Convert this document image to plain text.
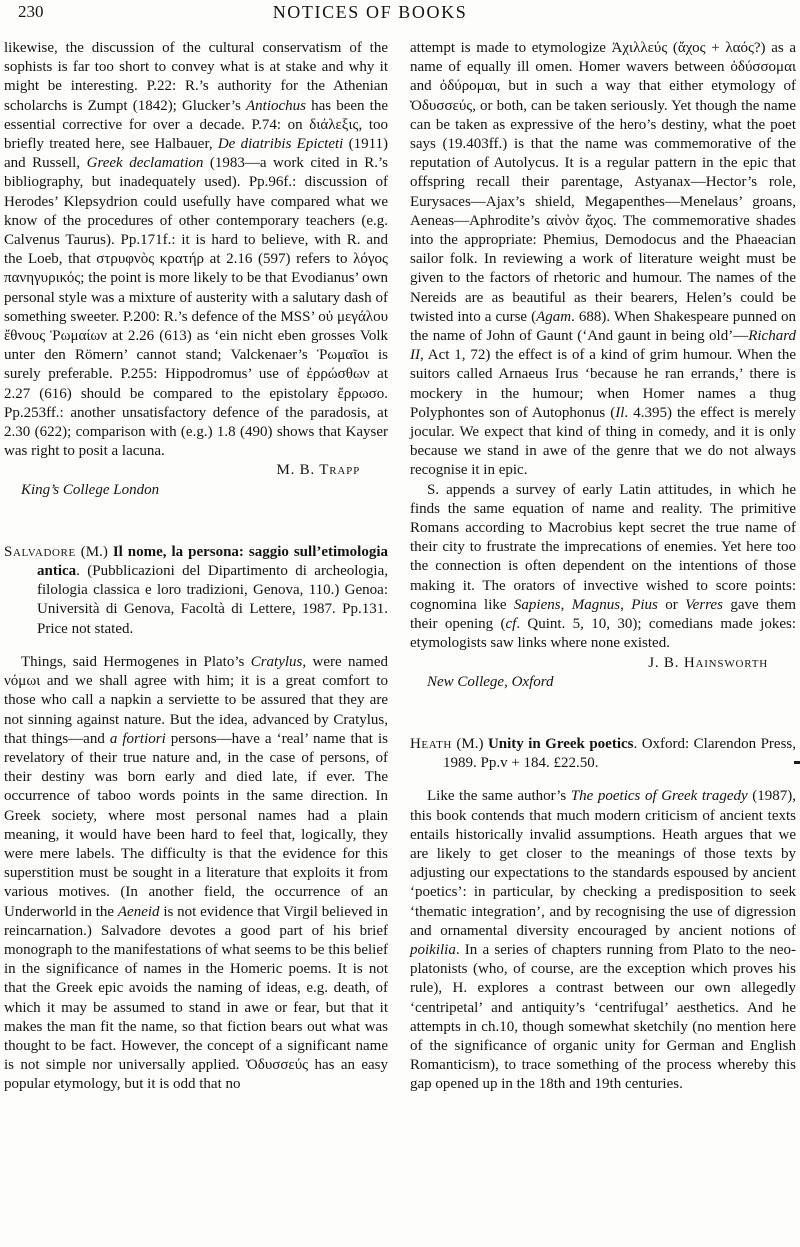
230	NOTICES OF BOOKS
likewise, the discussion of the cultural conservatism of the sophists is far too short to convey what is at stake and why it might be interesting. P.22: R.’s authority for the Athenian scholarchs is Zumpt (1842); Glucker’s Antiochus has been the essential corrective for over a decade. P.74: on διάλεξις, too briefly treated here, see Halbauer, De diatribis Epicteti (1911) and Russell, Greek declamation (1983—a work cited in R.’s bibliography, but inadequately used). Pp.96f.: discussion of Herodes’ Klepsydrion could usefully have compared what we know of the procedures of other contemporary teachers (e.g. Calvenus Taurus). Pp.171f.: it is hard to believe, with R. and the Loeb, that στρυφνὸς κρατήρ at 2.16 (597) refers to λόγος πανηγυρικός; the point is more likely to be that Evodianus’ own personal style was a mixture of austerity with a salutary dash of something sweeter. P.200: R.’s defence of the MSS’ οὐ μεγάλου ἔθνους Ῥωμαίων at 2.26 (613) as ‘ein nicht eben grosses Volk unter den Römern’ cannot stand; Valckenaer’s Ῥωμαῖοι is surely preferable. P.255: Hippodromus’ use of ἐρρώσθων at 2.27 (616) should be compared to the epistolary ἔρρωσο. Pp.253ff.: another unsatisfactory defence of the paradosis, at 2.30 (622); comparison with (e.g.) 1.8 (490) shows that Kayser was right to posit a lacuna.
M. B. Trapp
King’s College London
Salvadore (M.) Il nome, la persona: saggio sull’etimologia antica. (Pubblicazioni del Dipartimento di archeologia, filologia classica e loro tradizioni, Genova, 110.) Genoa: Università di Genova, Facoltà di Lettere, 1987. Pp.131. Price not stated.
Things, said Hermogenes in Plato’s Cratylus, were named νόμωι and we shall agree with him; it is a great comfort to those who call a napkin a serviette to be assured that they are not sinning against nature. But the idea, advanced by Cratylus, that things—and a fortiori persons—have a ‘real’ name that is revelatory of their true nature and, in the case of persons, of their destiny was born early and died late, if ever. The occurrence of taboo words points in the same direction. In Greek society, where most personal names had a plain meaning, it would have been hard to feel that, logically, they were mere labels. The difficulty is that the evidence for this superstition must be sought in a literature that exploits it from various motives. (In another field, the occurrence of an Underworld in the Aeneid is not evidence that Virgil believed in reincarnation.) Salvadore devotes a good part of his brief monograph to the manifestations of what seems to be this belief in the significance of names in the Homeric poems. It is not that the Greek epic avoids the naming of ideas, e.g. death, of which it may be assumed to stand in awe or fear, but that it makes the man fit the name, so that fiction bears out what was thought to be fact. However, the concept of a significant name is not simple nor universally applied. Ὀδυσσεύς has an easy popular etymology, but it is odd that no
attempt is made to etymologize Ἀχιλλεύς (ἄχος + λαός?) as a name of equally ill omen. Homer wavers between ὀδύσσομαι and ὀδύρομαι, but in such a way that either etymology of Ὀδυσσεύς, or both, can be taken seriously. Yet though the name can be taken as expressive of the hero’s destiny, what the poet says (19.403ff.) is that the name was commemorative of the reputation of Autolycus. It is a regular pattern in the epic that offspring recall their parentage, Astyanax—Hector’s role, Eurysaces—Ajax’s shield, Megapenthes—Menelaus’ groans, Aeneas—Aphrodite’s αἰνὸν ἄχος. The commemorative shades into the appropriate: Phemius, Demodocus and the Phaeacian sailor folk. In reviewing a work of literature weight must be given to the factors of rhetoric and humour. The names of the Nereids are as beautiful as their bearers, Helen’s could be twisted into a curse (Agam. 688). When Shakespeare punned on the name of John of Gaunt (‘And gaunt in being old’—Richard II, Act 1, 72) the effect is of a kind of grim humour. When the suitors called Arnaeus Irus ‘because he ran errands,’ there is mockery in the humour; when Homer names a thug Polyphontes son of Autophonus (Il. 4.395) the effect is merely jocular. We expect that kind of thing in comedy, and it is only because we stand in awe of the genre that we do not always recognise it in epic.
S. appends a survey of early Latin attitudes, in which he finds the same equation of name and reality. The primitive Romans according to Macrobius kept secret the true name of their city to frustrate the imprecations of enemies. Yet here too the connection is often dependent on the intentions of those making it. The orators of invective wished to score points: cognomina like Sapiens, Magnus, Pius or Verres gave them their opening (cf. Quint. 5, 10, 30); comedians made jokes: etymologists saw links where none existed.
J. B. Hainsworth
New College, Oxford
Heath (M.) Unity in Greek poetics. Oxford: Clarendon Press, 1989. Pp.v + 184. £22.50.
Like the same author’s The poetics of Greek tragedy (1987), this book contends that much modern criticism of ancient texts entails historically invalid assumptions. Heath argues that we are likely to get closer to the meanings of those texts by adjusting our expectations to the standards espoused by ancient ‘poetics’: in particular, by checking a predisposition to seek ‘thematic integration’, and by recognising the use of digression and ornamental diversity encouraged by ancient notions of poikilia. In a series of chapters running from Plato to the neo-platonists (who, of course, are the exception which proves his rule), H. explores a contrast between our own allegedly ‘centripetal’ and antiquity’s ‘centrifugal’ aesthetics. And he attempts in ch.10, though somewhat sketchily (no mention here of the significance of organic unity for German and English Romanticism), to trace something of the process whereby this gap opened up in the 18th and 19th centuries.
